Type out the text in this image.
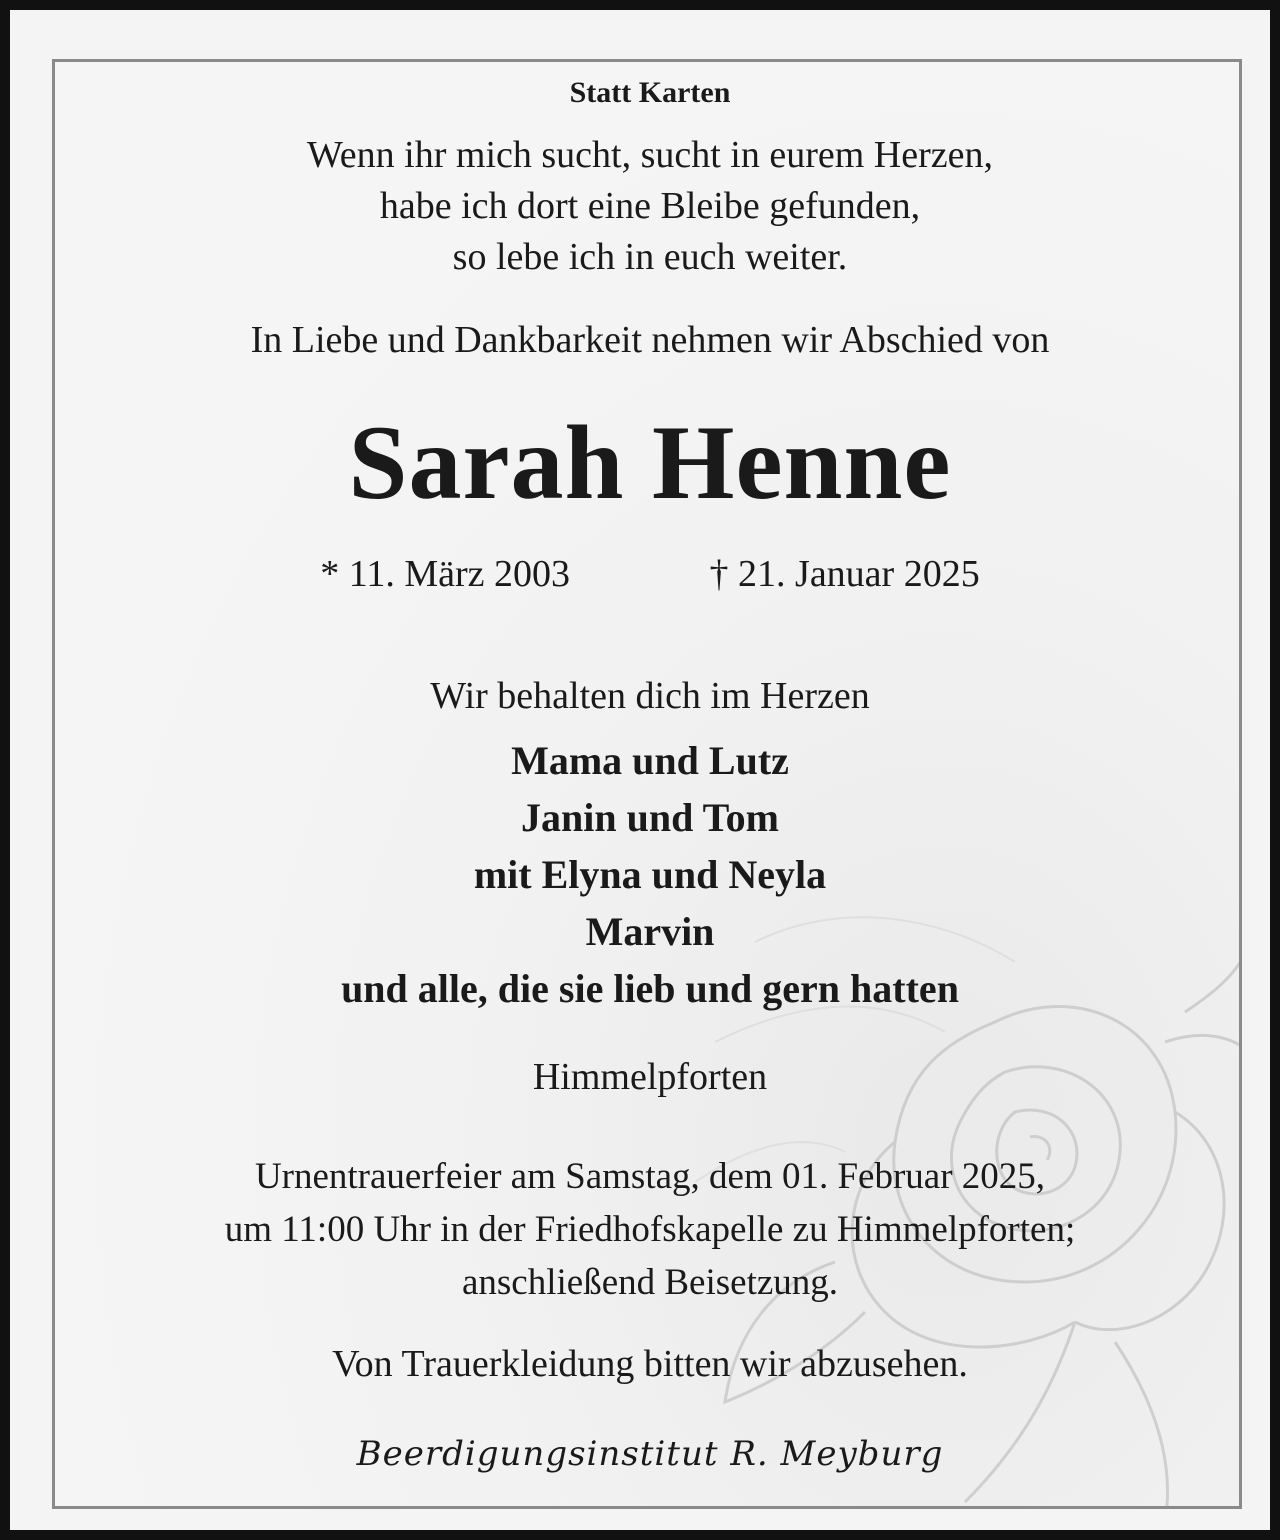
Statt Karten
Wenn ihr mich sucht, sucht in eurem Herzen,
habe ich dort eine Bleibe gefunden,
so lebe ich in euch weiter.
In Liebe und Dankbarkeit nehmen wir Abschied von
Sarah Henne
* 11. März 2003	† 21. Januar 2025
Wir behalten dich im Herzen
Mama und Lutz
Janin und Tom
mit Elyna und Neyla
Marvin
und alle, die sie lieb und gern hatten
Himmelpforten
Urnentrauerfeier am Samstag, dem 01. Februar 2025,
um 11:00 Uhr in der Friedhofskapelle zu Himmelpforten;
anschließend Beisetzung.
Von Trauerkleidung bitten wir abzusehen.
Beerdigungsinstitut R. Meyburg
